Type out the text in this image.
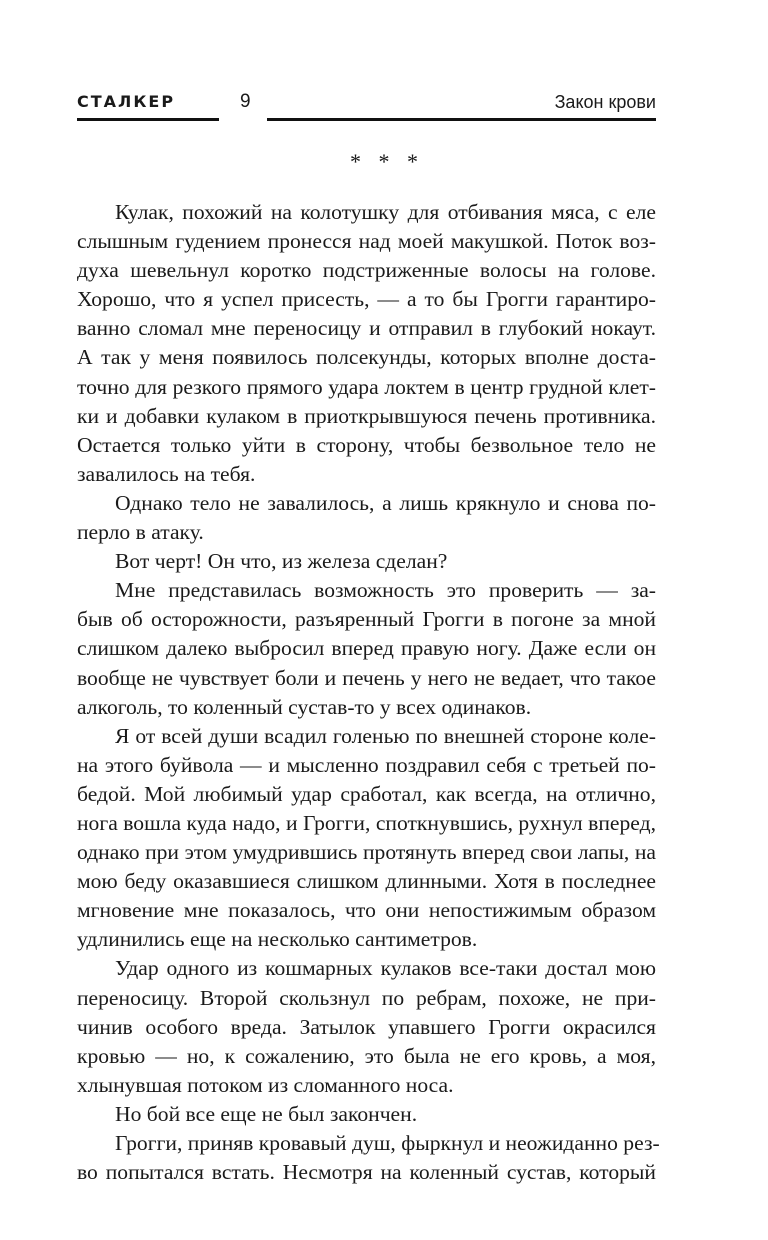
СТАЛКЕР	9	Закон крови
* * *
Кулак, похожий на колотушку для отбивания мяса, с еле
слышным гудением пронесся над моей макушкой. Поток воз-
духа шевельнул коротко подстриженные волосы на голове.
Хорошо, что я успел присесть, — а то бы Грогги гарантиро-
ванно сломал мне переносицу и отправил в глубокий нокаут.
А так у меня появилось полсекунды, которых вполне доста-
точно для резкого прямого удара локтем в центр грудной клет-
ки и добавки кулаком в приоткрывшуюся печень противника.
Остается только уйти в сторону, чтобы безвольное тело не
завалилось на тебя.
Однако тело не завалилось, а лишь крякнуло и снова по-
перло в атаку.
Вот черт! Он что, из железа сделан?
Мне представилась возможность это проверить — за-
быв об осторожности, разъяренный Грогги в погоне за мной
слишком далеко выбросил вперед правую ногу. Даже если он
вообще не чувствует боли и печень у него не ведает, что такое
алкоголь, то коленный сустав-то у всех одинаков.
Я от всей души всадил голенью по внешней стороне коле-
на этого буйвола — и мысленно поздравил себя с третьей по-
бедой. Мой любимый удар сработал, как всегда, на отлично,
нога вошла куда надо, и Грогги, споткнувшись, рухнул вперед,
однако при этом умудрившись протянуть вперед свои лапы, на
мою беду оказавшиеся слишком длинными. Хотя в последнее
мгновение мне показалось, что они непостижимым образом
удлинились еще на несколько сантиметров.
Удар одного из кошмарных кулаков все-таки достал мою
переносицу. Второй скользнул по ребрам, похоже, не при-
чинив особого вреда. Затылок упавшего Грогги окрасился
кровью — но, к сожалению, это была не его кровь, а моя,
хлынувшая потоком из сломанного носа.
Но бой все еще не был закончен.
Грогги, приняв кровавый душ, фыркнул и неожиданно рез-
во попытался встать. Несмотря на коленный сустав, который
